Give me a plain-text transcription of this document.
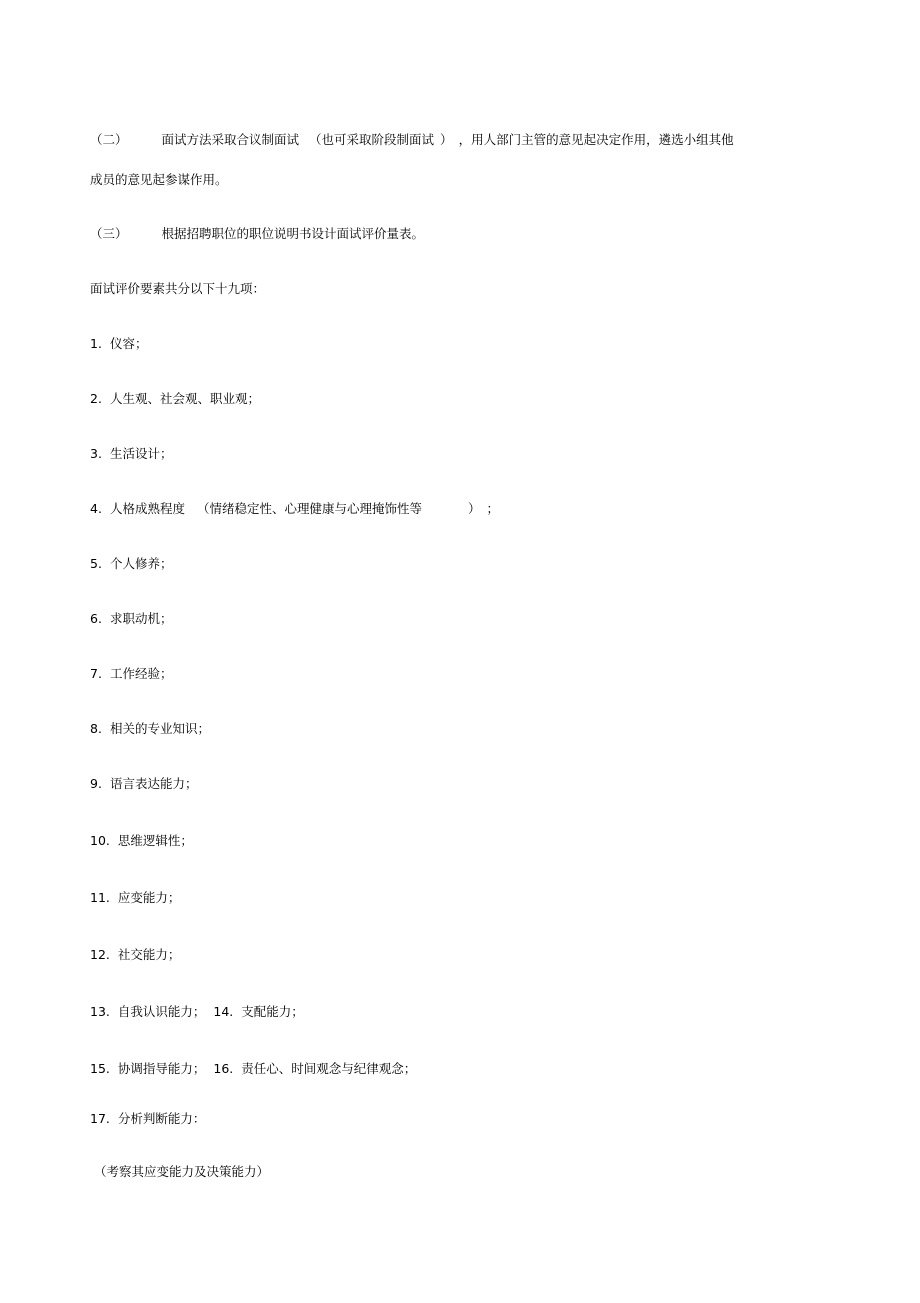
（二）	面试方法采取合议制面试 （也可采取阶段制面试 ） ，用人部门主管的意见起决定作用，遴选小组其他
成员的意见起参谋作用。
（三）	根据招聘职位的职位说明书设计面试评价量表。
面试评价要素共分以下十九项：
1. 仪容；
2. 人生观、社会观、职业观；
3. 生活设计；
4. 人格成熟程度 （情绪稳定性、心理健康与心理掩饰性等	） ；
5. 个人修养；
6. 求职动机；
7. 工作经验；
8. 相关的专业知识；
9. 语言表达能力；
10. 思维逻辑性；
11. 应变能力；
12. 社交能力；
13. 自我认识能力； 14. 支配能力；
15. 协调指导能力； 16. 责任心、时间观念与纪律观念；
17. 分析判断能力：
（考察其应变能力及决策能力）
